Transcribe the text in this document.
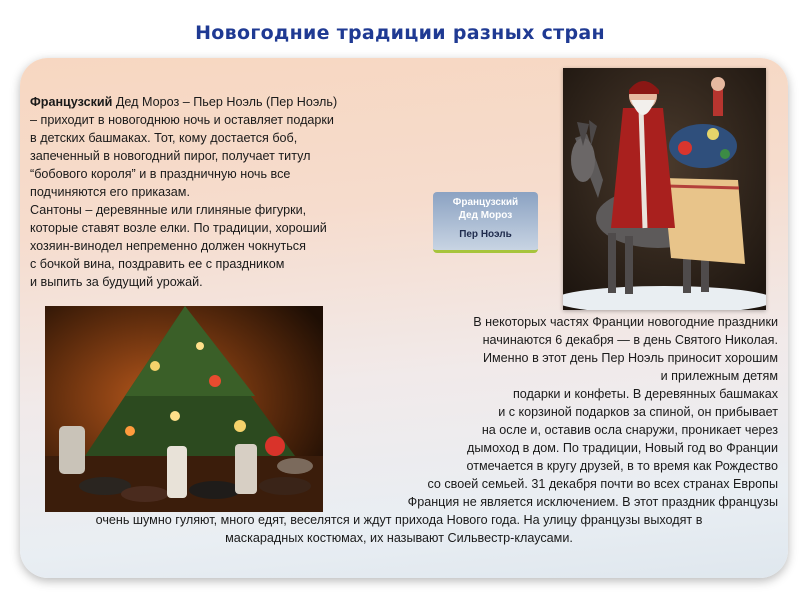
Новогодние традиции разных стран
Французский Дед Мороз – Пьер Ноэль (Пер Ноэль)
– приходит в новогоднюю ночь и оставляет подарки
в детских башмаках. Тот, кому достается боб,
запеченный в новогодний пирог, получает титул
“бобового короля” и в праздничную ночь все
подчиняются его приказам.
Сантоны – деревянные или глиняные фигурки,
которые ставят возле елки. По традиции, хороший
хозяин-винодел непременно должен чокнуться
с бочкой вина, поздравить ее с праздником
и выпить за будущий урожай.
Французский
Дед Мороз
Пер Ноэль
В некоторых частях Франции новогодние праздники
начинаются 6 декабря — в день Святого Николая.
Именно в этот день Пер Ноэль приносит хорошим
и прилежным детям
подарки и конфеты. В деревянных башмаках
и с корзиной подарков за спиной, он прибывает
на осле и, оставив осла снаружи, проникает через
дымоход в дом. По традиции, Новый год во Франции
отмечается в кругу друзей, в то время как Рождество
со своей семьей. 31 декабря почти во всех странах Европы
Франция не является исключением. В этот праздник французы
очень шумно гуляют, много едят, веселятся и ждут прихода Нового года. На улицу французы выходят в
маскарадных костюмах, их называют Сильвестр-клаусами.
